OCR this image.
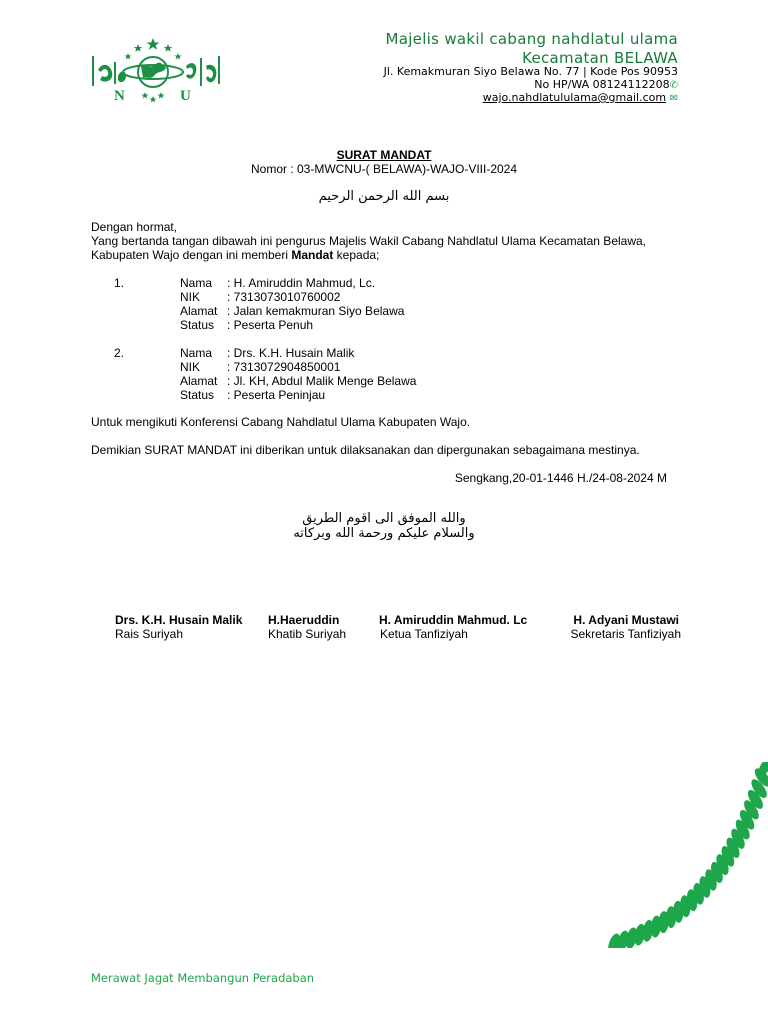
N	U
Majelis wakil cabang nahdlatul ulama
Kecamatan BELAWA
Jl. Kemakmuran Siyo Belawa No. 77 | Kode Pos 90953
No HP/WA 08124112208✆
wajo.nahdlatululama@gmail.com ✉
SURAT MANDAT
Nomor : 03-MWCNU-( BELAWA)-WAJO-VIII-2024
بسم الله الرحمن الرحيم
Dengan hormat,
Yang bertanda tangan dibawah ini pengurus Majelis Wakil Cabang Nahdlatul Ulama Kecamatan Belawa,
Kabupaten Wajo dengan ini memberi Mandat kepada;
1.	Nama : H. Amiruddin Mahmud, Lc.
NIK : 7313073010760002
Alamat : Jalan kemakmuran Siyo Belawa
Status : Peserta Penuh
2.	Nama : Drs. K.H. Husain Malik
NIK : 7313072904850001
Alamat : Jl. KH, Abdul Malik Menge Belawa
Status : Peserta Peninjau
Untuk mengikuti Konferensi Cabang Nahdlatul Ulama Kabupaten Wajo.
Demikian SURAT MANDAT ini diberikan untuk dilaksanakan dan dipergunakan sebagaimana mestinya.
Sengkang,20-01-1446 H./24-08-2024 M
والله الموفق الى اقوم الطريق
والسلام عليكم ورحمة الله وبركاته
Drs. K.H. Husain Malik
Rais Suriyah
H.Haeruddin
Khatib Suriyah
H. Amiruddin Mahmud. Lc
Ketua Tanfiziyah
H. Adyani Mustawi
Sekretaris Tanfiziyah
Merawat Jagat Membangun Peradaban
